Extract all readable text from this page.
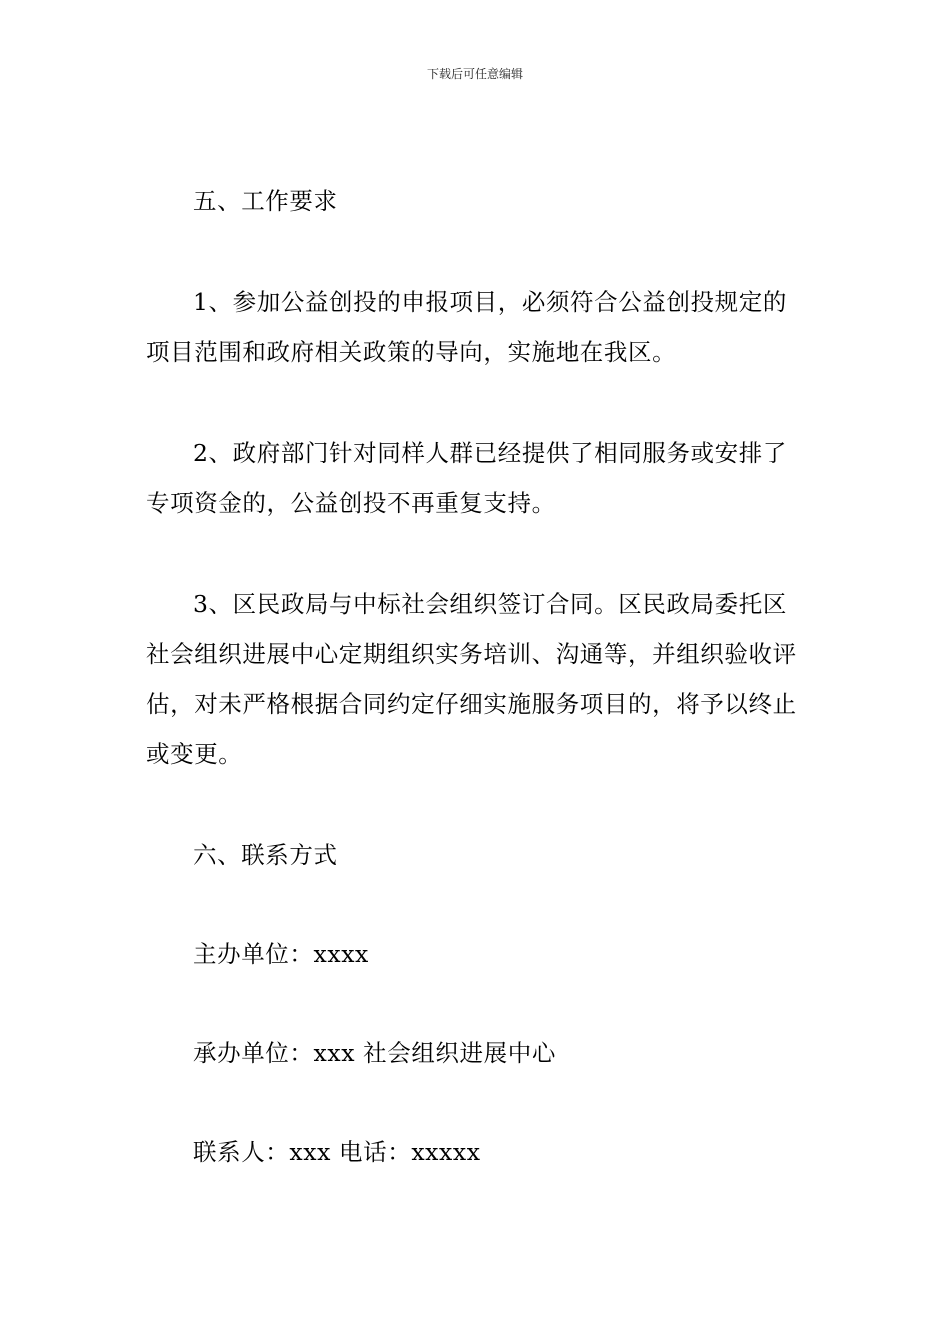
下载后可任意编辑

五、工作要求

1、参加公益创投的申报项目，必须符合公益创投规定的项目范围和政府相关政策的导向，实施地在我区。

2、政府部门针对同样人群已经提供了相同服务或安排了专项资金的，公益创投不再重复支持。

3、区民政局与中标社会组织签订合同。区民政局委托区社会组织进展中心定期组织实务培训、沟通等，并组织验收评估，对未严格根据合同约定仔细实施服务项目的，将予以终止或变更。

六、联系方式

主办单位：xxxx

承办单位：xxx 社会组织进展中心

联系人：xxx 电话：xxxxx
